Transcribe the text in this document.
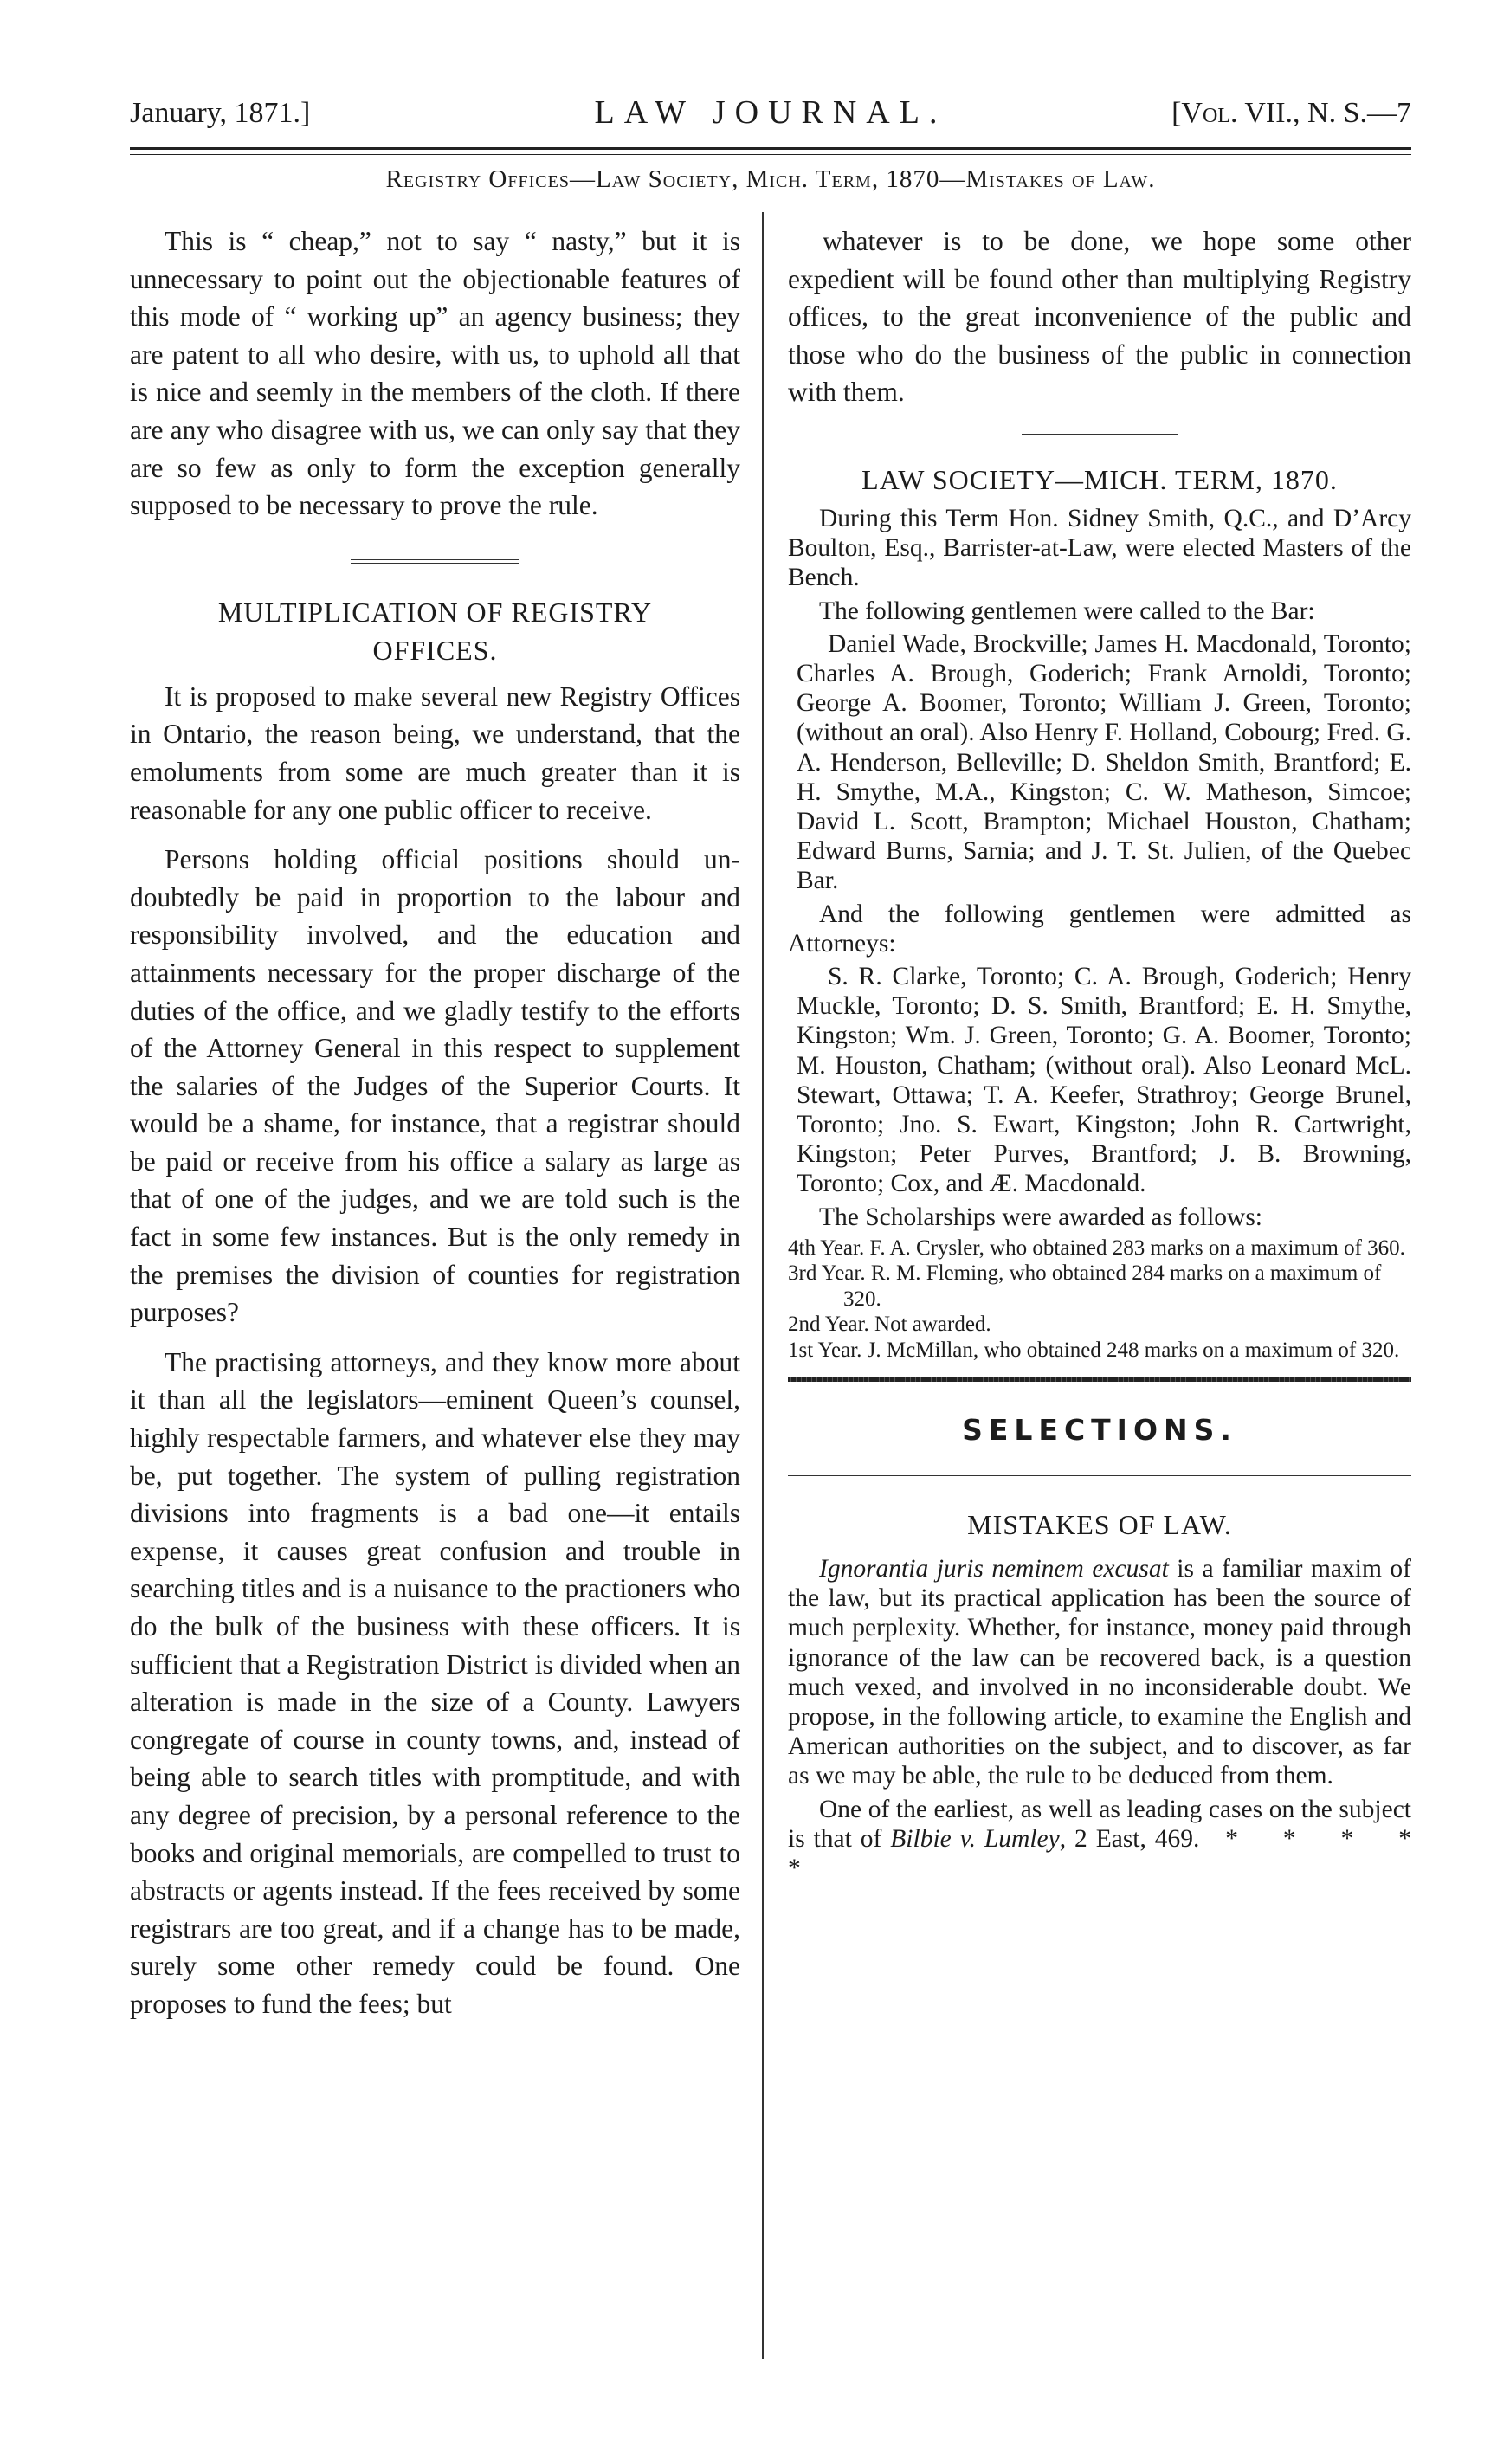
January, 1871.]	LAW JOURNAL.	[Vol. VII., N. S.—7
Registry Offices—Law Society, Mich. Term, 1870—Mistakes of Law.

This is “ cheap,” not to say “ nasty,” but it is unnecessary to point out the objectionable features of this mode of “ working up” an agency business; they are patent to all who desire, with us, to uphold all that is nice and seemly in the members of the cloth. If there are any who disagree with us, we can only say that they are so few as only to form the exception generally supposed to be necessary to prove the rule.

MULTIPLICATION OF REGISTRY OFFICES.

It is proposed to make several new Registry Offices in Ontario, the reason being, we understand, that the emoluments from some are much greater than it is reasonable for any one public officer to receive.

Persons holding official positions should undoubtedly be paid in proportion to the labour and responsibility involved, and the education and attainments necessary for the proper discharge of the duties of the office, and we gladly testify to the efforts of the Attorney General in this respect to supplement the salaries of the Judges of the Superior Courts. It would be a shame, for instance, that a registrar should be paid or receive from his office a salary as large as that of one of the judges, and we are told such is the fact in some few instances. But is the only remedy in the premises the division of counties for registration purposes?

The practising attorneys, and they know more about it than all the legislators—eminent Queen’s counsel, highly respectable farmers, and whatever else they may be, put together. The system of pulling registration divisions into fragments is a bad one—it entails expense, it causes great confusion and trouble in searching titles and is a nuisance to the practioners who do the bulk of the business with these officers. It is sufficient that a Registration District is divided when an alteration is made in the size of a County. Lawyers congregate of course in county towns, and, instead of being able to search titles with promptitude, and with any degree of precision, by a personal reference to the books and original memorials, are compelled to trust to abstracts or agents instead. If the fees received by some registrars are too great, and if a change has to be made, surely some other remedy could be found. One proposes to fund the fees; but

whatever is to be done, we hope some other expedient will be found other than multiplying Registry offices, to the great inconvenience of the public and those who do the business of the public in connection with them.

LAW SOCIETY—MICH. TERM, 1870.

During this Term Hon. Sidney Smith, Q.C., and D’Arcy Boulton, Esq., Barrister-at-Law, were elected Masters of the Bench.

The following gentlemen were called to the Bar:

Daniel Wade, Brockville; James H. Macdonald, Toronto; Charles A. Brough, Goderich; Frank Arnoldi, Toronto; George A. Boomer, Toronto; William J. Green, Toronto; (without an oral). Also Henry F. Holland, Cobourg; Fred. G. A. Henderson, Belleville; D. Sheldon Smith, Brantford; E. H. Smythe, M.A., Kingston; C. W. Matheson, Simcoe; David L. Scott, Brampton; Michael Houston, Chatham; Edward Burns, Sarnia; and J. T. St. Julien, of the Quebec Bar.

And the following gentlemen were admitted as Attorneys:

S. R. Clarke, Toronto; C. A. Brough, Goderich; Henry Muckle, Toronto; D. S. Smith, Brantford; E. H. Smythe, Kingston; Wm. J. Green, Toronto; G. A. Boomer, Toronto; M. Houston, Chatham; (without oral). Also Leonard McL. Stewart, Ottawa; T. A. Keefer, Strathroy; George Brunel, Toronto; Jno. S. Ewart, Kingston; John R. Cartwright, Kingston; Peter Purves, Brantford; J. B. Browning, Toronto; Cox, and Æ. Macdonald.

The Scholarships were awarded as follows:

4th Year. F. A. Crysler, who obtained 283 marks on a maximum of 360.
3rd Year. R. M. Fleming, who obtained 284 marks on a maximum of 320.
2nd Year. Not awarded.
1st Year. J. McMillan, who obtained 248 marks on a maximum of 320.
SELECTIONS.
MISTAKES OF LAW.

Ignorantia juris neminem excusat is a familiar maxim of the law, but its practical application has been the source of much perplexity. Whether, for instance, money paid through ignorance of the law can be recovered back, is a question much vexed, and involved in no inconsiderable doubt. We propose, in the following article, to examine the English and American authorities on the subject, and to discover, as far as we may be able, the rule to be deduced from them.

One of the earliest, as well as leading cases on the subject is that of Bilbie v. Lumley, 2 East, 469. * * * * *
